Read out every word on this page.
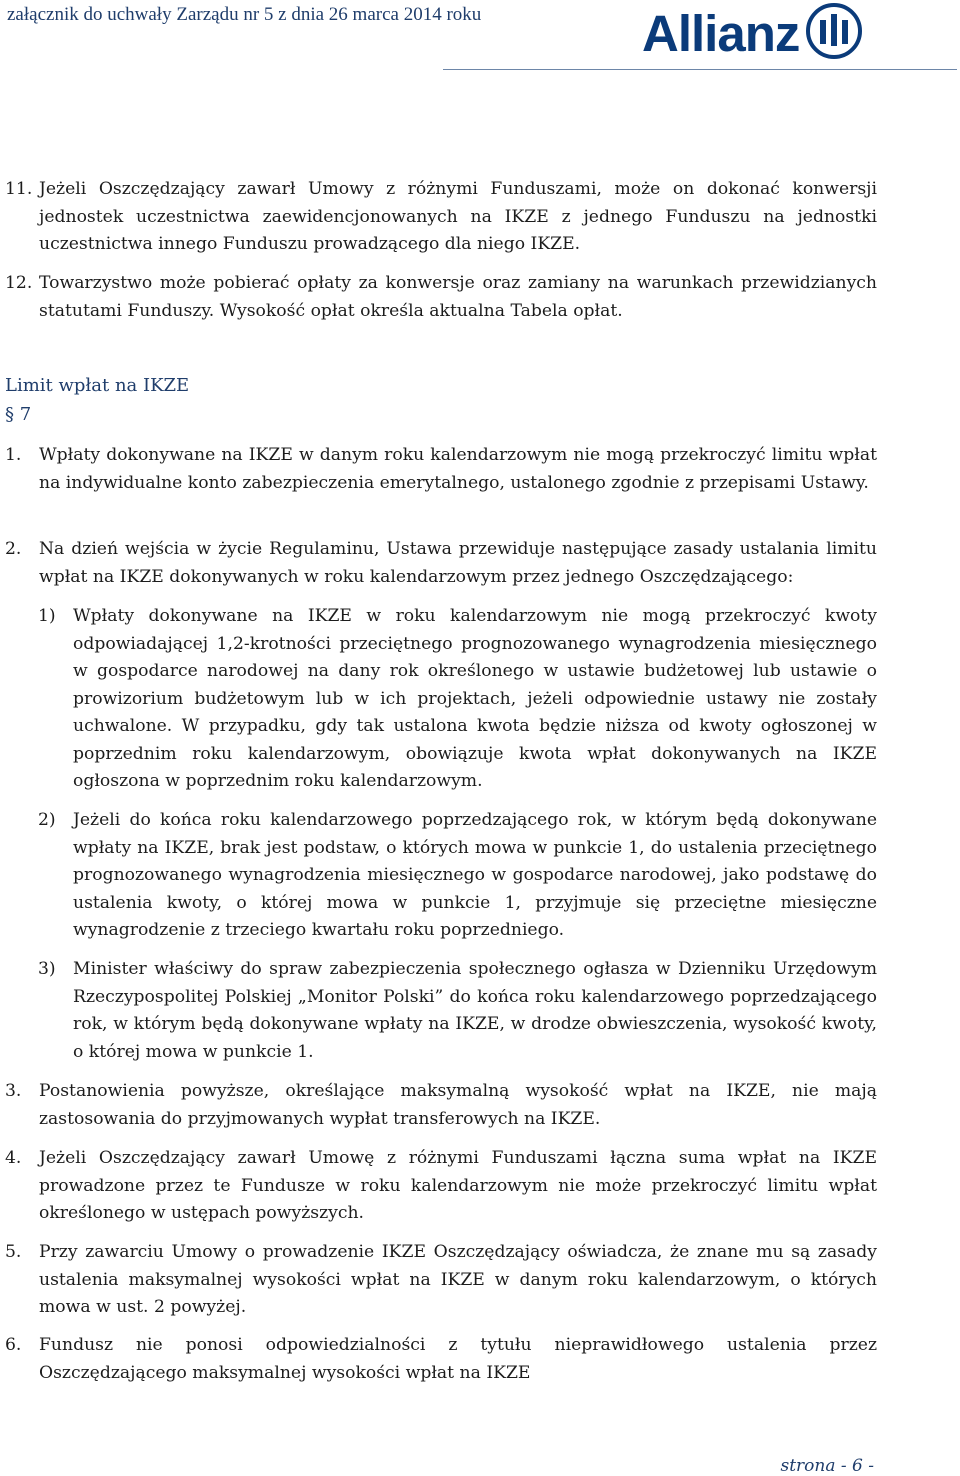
załącznik do uchwały Zarządu nr 5 z dnia 26 marca 2014 roku	Allianz
11. Jeżeli Oszczędzający zawarł Umowy z różnymi Funduszami, może on dokonać konwersji jednostek uczestnictwa zaewidencjonowanych na IKZE z jednego Funduszu na jednostki uczestnictwa innego Funduszu prowadzącego dla niego IKZE.
12. Towarzystwo może pobierać opłaty za konwersje oraz zamiany na warunkach przewidzianych statutami Funduszy. Wysokość opłat określa aktualna Tabela opłat.
Limit wpłat na IKZE
§ 7
1. Wpłaty dokonywane na IKZE w danym roku kalendarzowym nie mogą przekroczyć limitu wpłat na indywidualne konto zabezpieczenia emerytalnego, ustalonego zgodnie z przepisami Ustawy.
2. Na dzień wejścia w życie Regulaminu, Ustawa przewiduje następujące zasady ustalania limitu wpłat na IKZE dokonywanych w roku kalendarzowym przez jednego Oszczędzającego:
1) Wpłaty dokonywane na IKZE w roku kalendarzowym nie mogą przekroczyć kwoty odpowiadającej 1,2-krotności przeciętnego prognozowanego wynagrodzenia miesięcznego w gospodarce narodowej na dany rok określonego w ustawie budżetowej lub ustawie o prowizorium budżetowym lub w ich projektach, jeżeli odpowiednie ustawy nie zostały uchwalone. W przypadku, gdy tak ustalona kwota będzie niższa od kwoty ogłoszonej w poprzednim roku kalendarzowym, obowiązuje kwota wpłat dokonywanych na IKZE ogłoszona w poprzednim roku kalendarzowym.
2) Jeżeli do końca roku kalendarzowego poprzedzającego rok, w którym będą dokonywane wpłaty na IKZE, brak jest podstaw, o których mowa w punkcie 1, do ustalenia przeciętnego prognozowanego wynagrodzenia miesięcznego w gospodarce narodowej, jako podstawę do ustalenia kwoty, o której mowa w punkcie 1, przyjmuje się przeciętne miesięczne wynagrodzenie z trzeciego kwartału roku poprzedniego.
3) Minister właściwy do spraw zabezpieczenia społecznego ogłasza w Dzienniku Urzędowym Rzeczypospolitej Polskiej „Monitor Polski” do końca roku kalendarzowego poprzedzającego rok, w którym będą dokonywane wpłaty na IKZE, w drodze obwieszczenia, wysokość kwoty, o której mowa w punkcie 1.
3. Postanowienia powyższe, określające maksymalną wysokość wpłat na IKZE, nie mają zastosowania do przyjmowanych wypłat transferowych na IKZE.
4. Jeżeli Oszczędzający zawarł Umowę z różnymi Funduszami łączna suma wpłat na IKZE prowadzone przez te Fundusze w roku kalendarzowym nie może przekroczyć limitu wpłat określonego w ustępach powyższych.
5. Przy zawarciu Umowy o prowadzenie IKZE Oszczędzający oświadcza, że znane mu są zasady ustalenia maksymalnej wysokości wpłat na IKZE w danym roku kalendarzowym, o których mowa w ust. 2 powyżej.
6. Fundusz nie ponosi odpowiedzialności z tytułu nieprawidłowego ustalenia przez Oszczędzającego maksymalnej wysokości wpłat na IKZE
strona - 6 -
